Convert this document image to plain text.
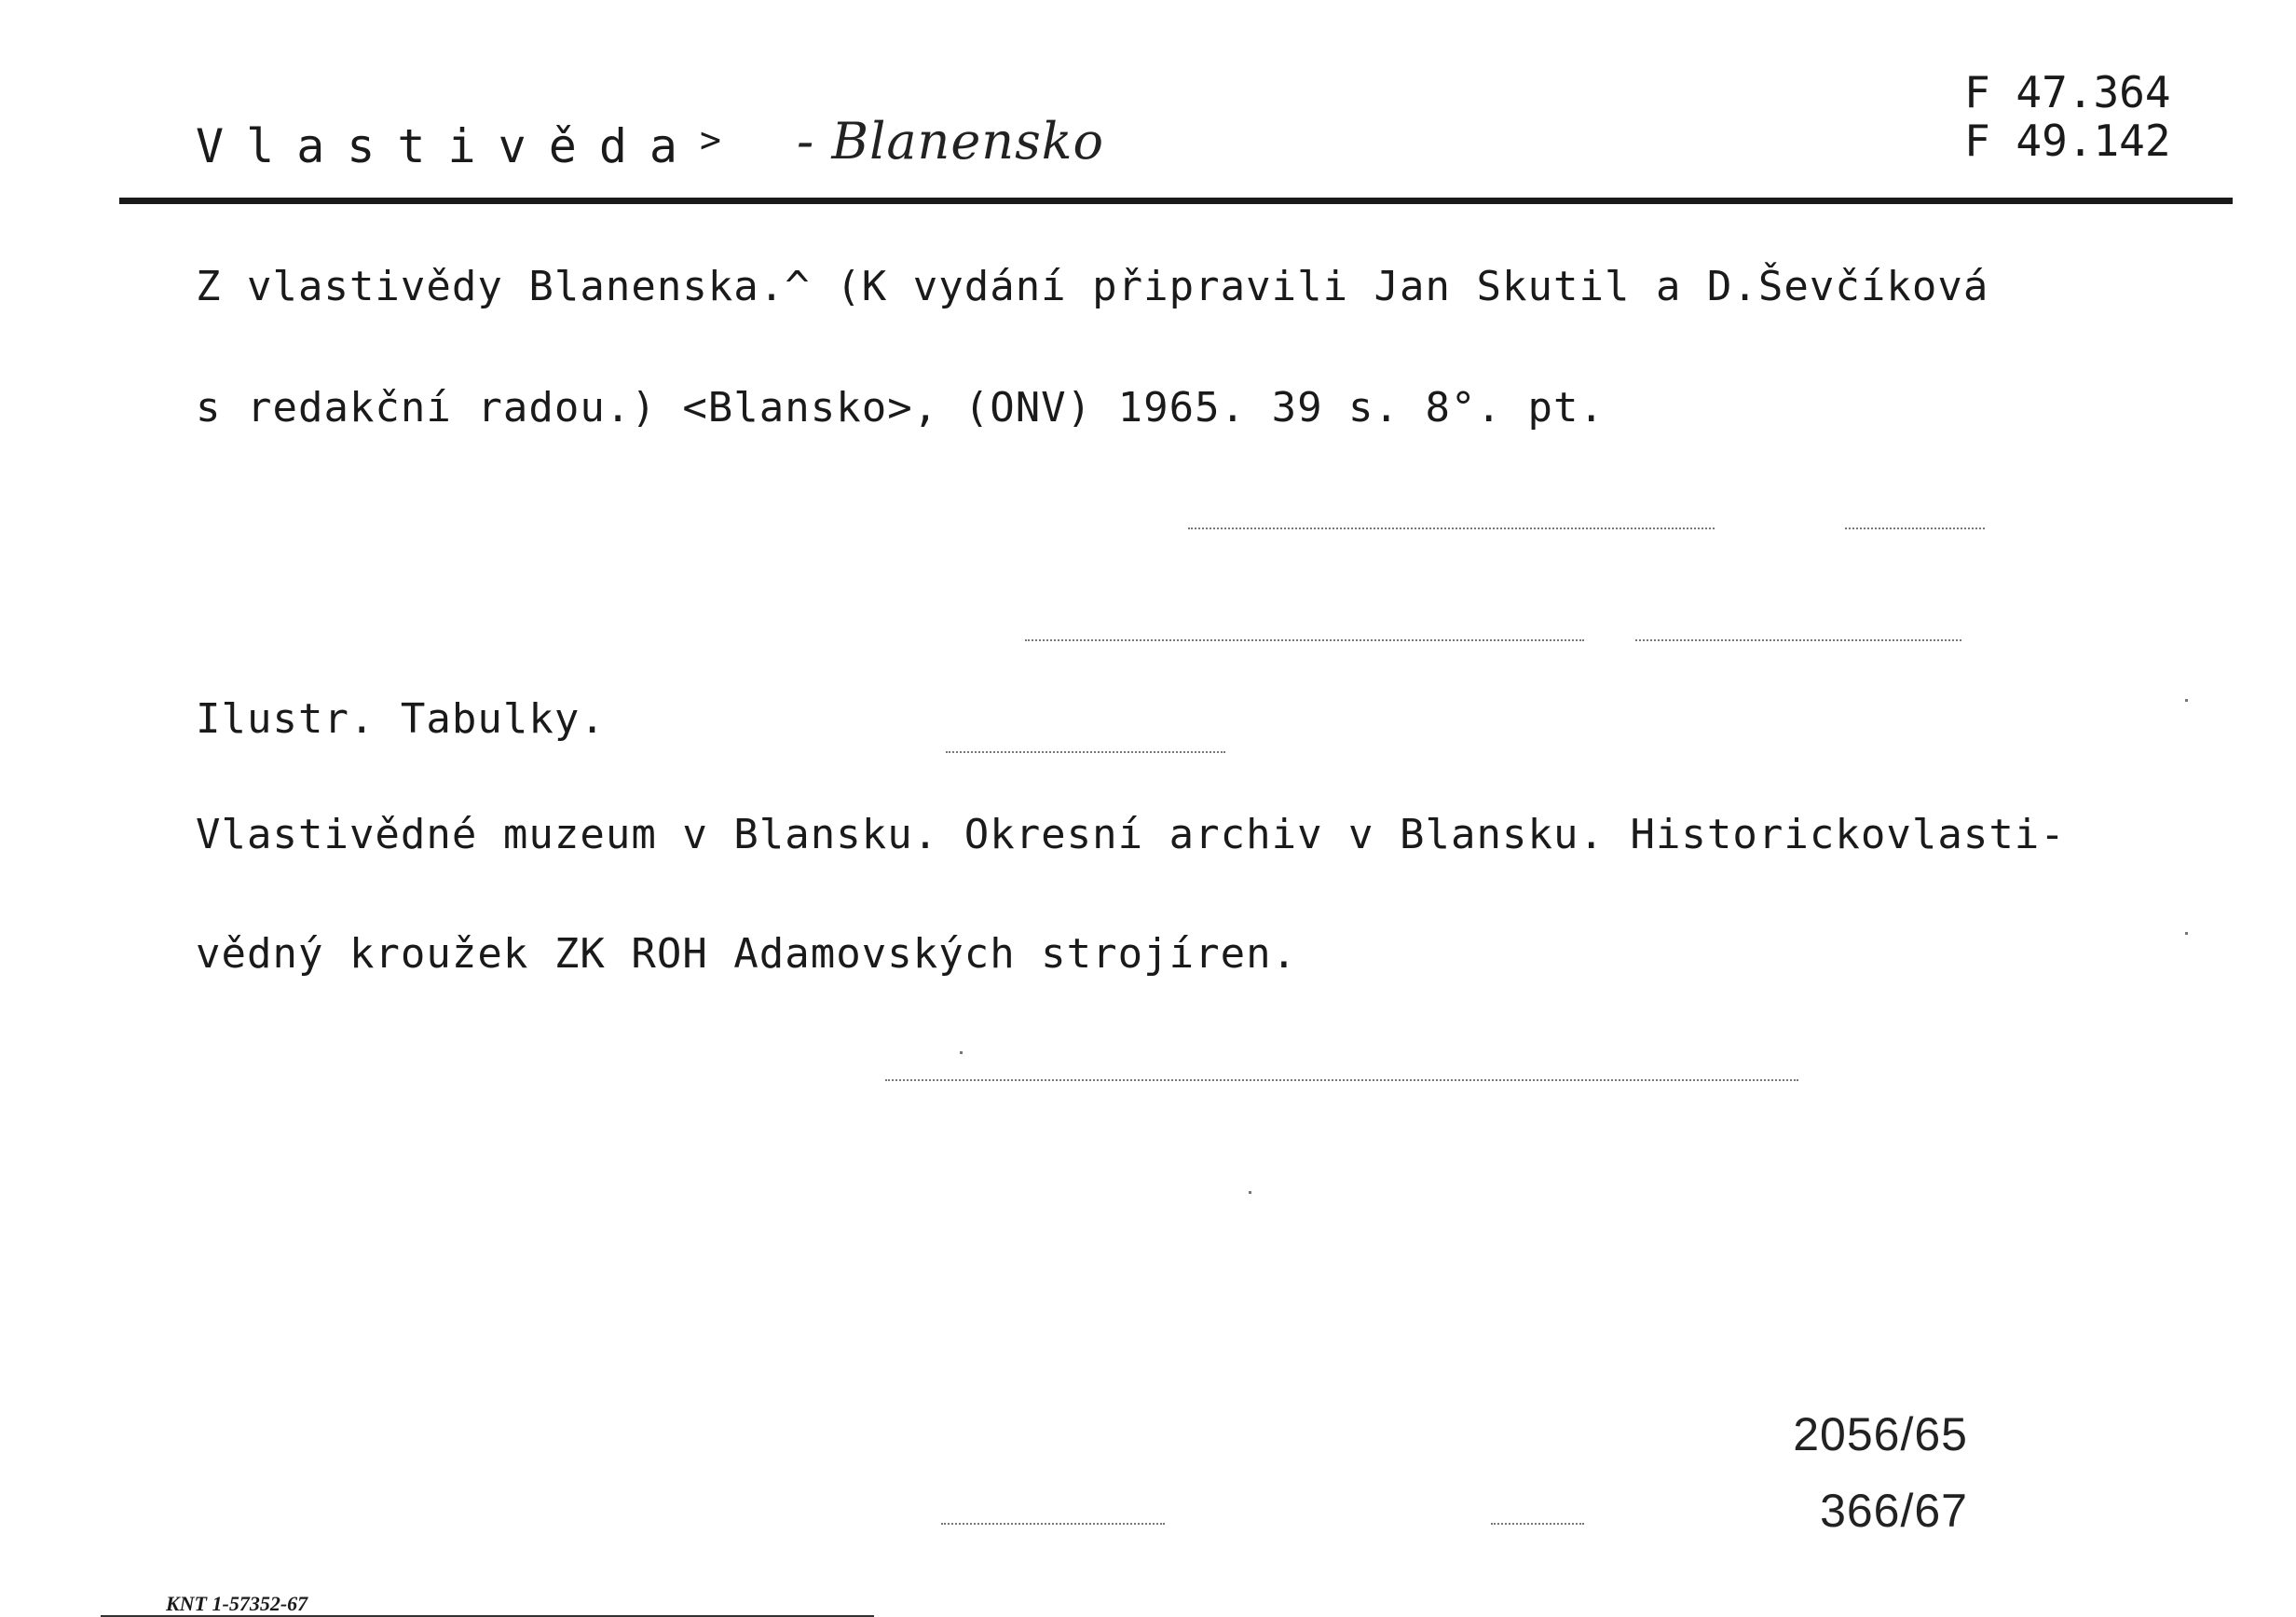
Vlastivěda> - Blanensko
F 47.364
F 49.142
Z vlastivědy Blanenska.^ (K vydání připravili Jan Skutil a D.Ševčíková
s redakční radou.) <Blansko>, (ONV) 1965. 39 s. 8°. pt.
Ilustr. Tabulky.
Vlastivědné muzeum v Blansku. Okresní archiv v Blansku. Historickovlasti-
vědný kroužek ZK ROH Adamovských strojíren.
2056/65
366/67
KNT 1-57352-67
